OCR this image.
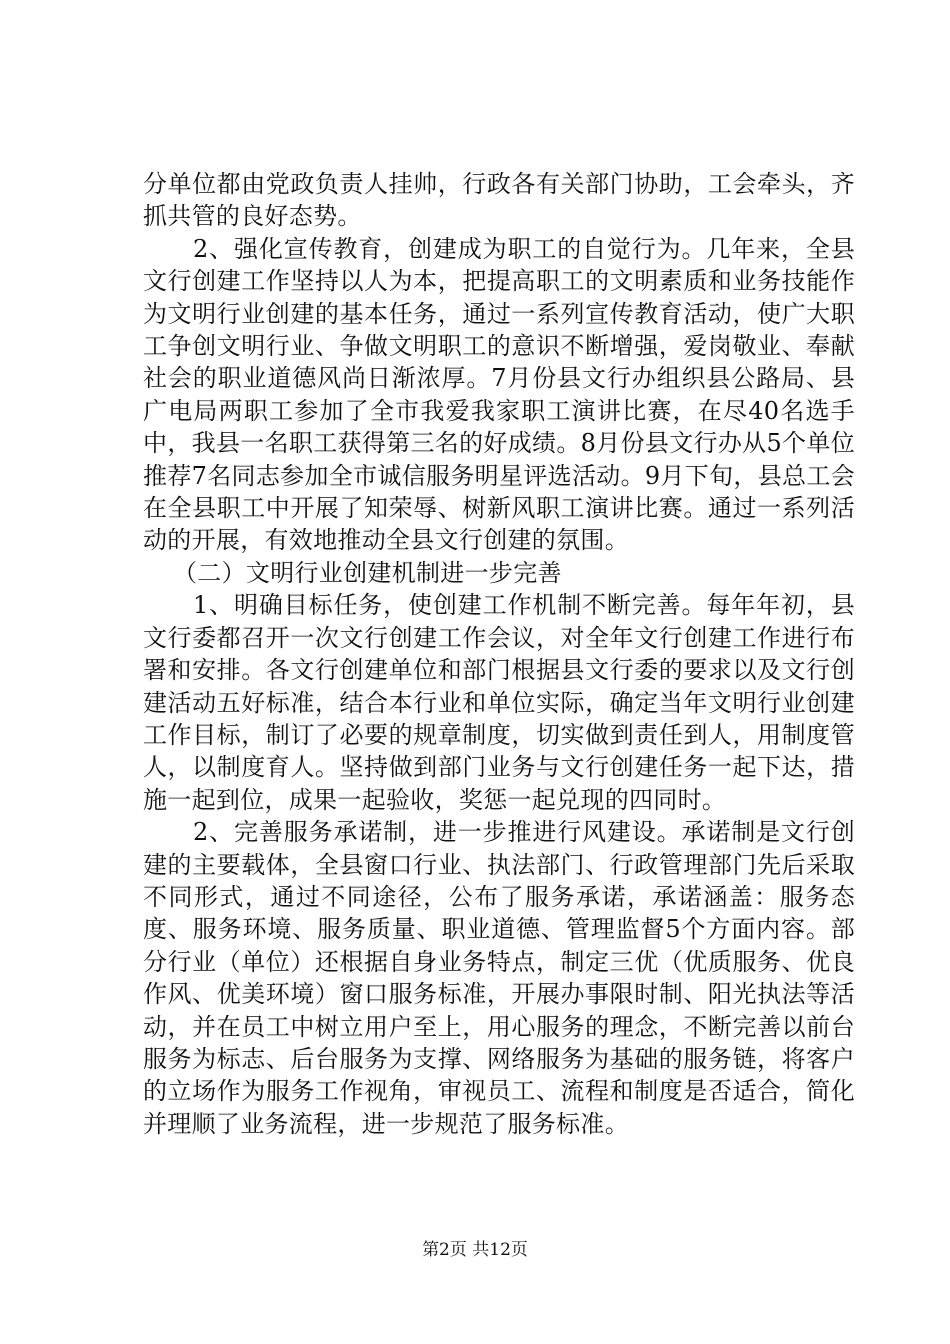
分单位都由党政负责人挂帅，行政各有关部门协助，工会牵头，齐抓共管的良好态势。

2、强化宣传教育，创建成为职工的自觉行为。几年来，全县文行创建工作坚持以人为本，把提高职工的文明素质和业务技能作为文明行业创建的基本任务，通过一系列宣传教育活动，使广大职工争创文明行业、争做文明职工的意识不断增强，爱岗敬业、奉献社会的职业道德风尚日渐浓厚。7月份县文行办组织县公路局、县广电局两职工参加了全市我爱我家职工演讲比赛，在尽40名选手中，我县一名职工获得第三名的好成绩。8月份县文行办从5个单位推荐7名同志参加全市诚信服务明星评选活动。9月下旬，县总工会在全县职工中开展了知荣辱、树新风职工演讲比赛。通过一系列活动的开展，有效地推动全县文行创建的氛围。

（二）文明行业创建机制进一步完善

1、明确目标任务，使创建工作机制不断完善。每年年初，县文行委都召开一次文行创建工作会议，对全年文行创建工作进行布署和安排。各文行创建单位和部门根据县文行委的要求以及文行创建活动五好标准，结合本行业和单位实际，确定当年文明行业创建工作目标，制订了必要的规章制度，切实做到责任到人，用制度管人，以制度育人。坚持做到部门业务与文行创建任务一起下达，措施一起到位，成果一起验收，奖惩一起兑现的四同时。

2、完善服务承诺制，进一步推进行风建设。承诺制是文行创建的主要载体，全县窗口行业、执法部门、行政管理部门先后采取不同形式，通过不同途径，公布了服务承诺，承诺涵盖：服务态度、服务环境、服务质量、职业道德、管理监督5个方面内容。部分行业（单位）还根据自身业务特点，制定三优（优质服务、优良作风、优美环境）窗口服务标准，开展办事限时制、阳光执法等活动，并在员工中树立用户至上，用心服务的理念，不断完善以前台服务为标志、后台服务为支撑、网络服务为基础的服务链，将客户的立场作为服务工作视角，审视员工、流程和制度是否适合，简化并理顺了业务流程，进一步规范了服务标准。

第2页 共12页
